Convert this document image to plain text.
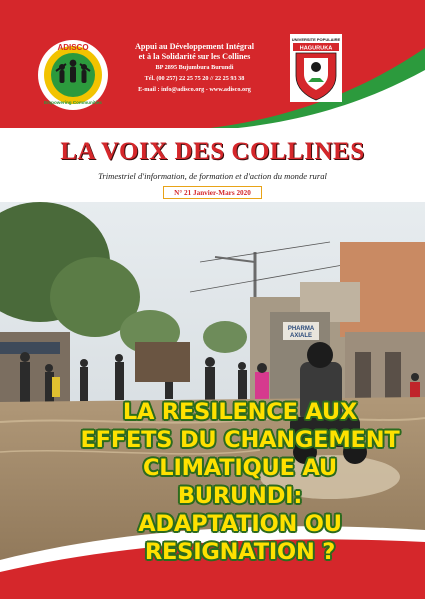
ADISCO
Empowering Communities
Appui au Développement Intégral
et à la Solidarité sur les Collines
BP 2895 Bujumbura Burundi
Tél. (00 257) 22 25 75 20 // 22 25 93 38
E-mail : info@adisco.org - www.adisco.org
UNIVERSITE POPULAIRE
HAGURUKA
LA VOIX DES COLLINES
Trimestriel d'information, de formation et d'action du monde rural
N° 21 Janvier-Mars 2020
PHARMA
AXIALE
LA RESILENCE AUX
EFFETS DU CHANGEMENT
CLIMATIQUE AU BURUNDI:
ADAPTATION OU
RESIGNATION ?
